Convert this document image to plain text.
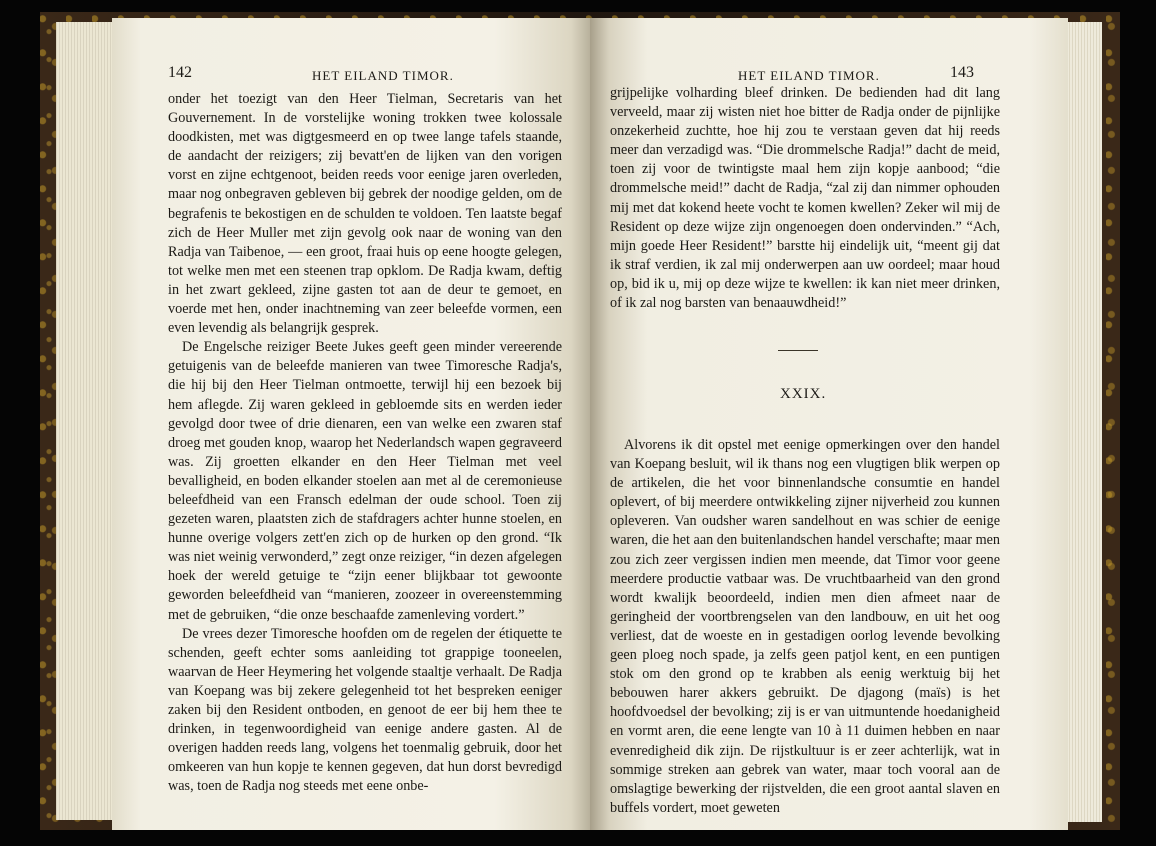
142	HET EILAND TIMOR.

onder het toezigt van den Heer Tielman, Secretaris van het Gouvernement. In de vorstelijke woning trokken twee kolossale doodkisten, met was digtgesmeerd en op twee lange tafels staande, de aandacht der reizigers; zij bevatt'en de lijken van den vorigen vorst en zijne echtgenoot, beiden reeds voor eenige jaren overleden, maar nog onbegraven gebleven bij gebrek der noodige gelden, om de begrafenis te bekostigen en de schulden te voldoen. Ten laatste begaf zich de Heer Muller met zijn gevolg ook naar de woning van den Radja van Taibenoe, — een groot, fraai huis op eene hoogte gelegen, tot welke men met een steenen trap opklom. De Radja kwam, deftig in het zwart gekleed, zijne gasten tot aan de deur te gemoet, en voerde met hen, onder inachtneming van zeer beleefde vormen, een even levendig als belangrijk gesprek.

De Engelsche reiziger Beete Jukes geeft geen minder vereerende getuigenis van de beleefde manieren van twee Timoresche Radja's, die hij bij den Heer Tielman ontmoette, terwijl hij een bezoek bij hem aflegde. Zij waren gekleed in gebloemde sits en werden ieder gevolgd door twee of drie dienaren, een van welke een zwaren staf droeg met gouden knop, waarop het Nederlandsch wapen gegraveerd was. Zij groetten elkander en den Heer Tielman met veel bevalligheid, en boden elkander stoelen aan met al de ceremonieuse beleefdheid van een Fransch edelman der oude school. Toen zij gezeten waren, plaatsten zich de stafdragers achter hunne stoelen, en hunne overige volgers zett'en zich op de hurken op den grond. “Ik was niet weinig verwonderd,” zegt onze reiziger, “in dezen afgelegen hoek der wereld getuige te “zijn eener blijkbaar tot gewoonte geworden beleefdheid van “manieren, zoozeer in overeenstemming met de gebruiken, “die onze beschaafde zamenleving vordert.”

De vrees dezer Timoresche hoofden om de regelen der étiquette te schenden, geeft echter soms aanleiding tot grappige tooneelen, waarvan de Heer Heymering het volgende staaltje verhaalt. De Radja van Koepang was bij zekere gelegenheid tot het bespreken eeniger zaken bij den Resident ontboden, en genoot de eer bij hem thee te drinken, in tegenwoordigheid van eenige andere gasten. Al de overigen hadden reeds lang, volgens het toenmalig gebruik, door het omkeeren van hun kopje te kennen gegeven, dat hun dorst bevredigd was, toen de Radja nog steeds met eene onbe-

HET EILAND TIMOR.	143

grijpelijke volharding bleef drinken. De bedienden had dit lang verveeld, maar zij wisten niet hoe bitter de Radja onder de pijnlijke onzekerheid zuchtte, hoe hij zou te verstaan geven dat hij reeds meer dan verzadigd was. “Die drommelsche Radja!” dacht de meid, toen zij voor de twintigste maal hem zijn kopje aanbood; “die drommelsche meid!” dacht de Radja, “zal zij dan nimmer ophouden mij met dat kokend heete vocht te komen kwellen? Zeker wil mij de Resident op deze wijze zijn ongenoegen doen ondervinden.” “Ach, mijn goede Heer Resident!” barstte hij eindelijk uit, “meent gij dat ik straf verdien, ik zal mij onderwerpen aan uw oordeel; maar houd op, bid ik u, mij op deze wijze te kwellen: ik kan niet meer drinken, of ik zal nog barsten van benaauwdheid!”

XXIX.

Alvorens ik dit opstel met eenige opmerkingen over den handel van Koepang besluit, wil ik thans nog een vlugtigen blik werpen op de artikelen, die het voor binnenlandsche consumtie en handel oplevert, of bij meerdere ontwikkeling zijner nijverheid zou kunnen opleveren. Van oudsher waren sandelhout en was schier de eenige waren, die het aan den buitenlandschen handel verschafte; maar men zou zich zeer vergissen indien men meende, dat Timor voor geene meerdere productie vatbaar was. De vruchtbaarheid van den grond wordt kwalijk beoordeeld, indien men dien afmeet naar de geringheid der voortbrengselen van den landbouw, en uit het oog verliest, dat de woeste en in gestadigen oorlog levende bevolking geen ploeg noch spade, ja zelfs geen patjol kent, en een puntigen stok om den grond op te krabben als eenig werktuig bij het bebouwen harer akkers gebruikt. De djagong (maïs) is het hoofdvoedsel der bevolking; zij is er van uitmuntende hoedanigheid en vormt aren, die eene lengte van 10 à 11 duimen hebben en naar evenredigheid dik zijn. De rijstkultuur is er zeer achterlijk, wat in sommige streken aan gebrek van water, maar toch vooral aan de omslagtige bewerking der rijstvelden, die een groot aantal slaven en buffels vordert, moet geweten
